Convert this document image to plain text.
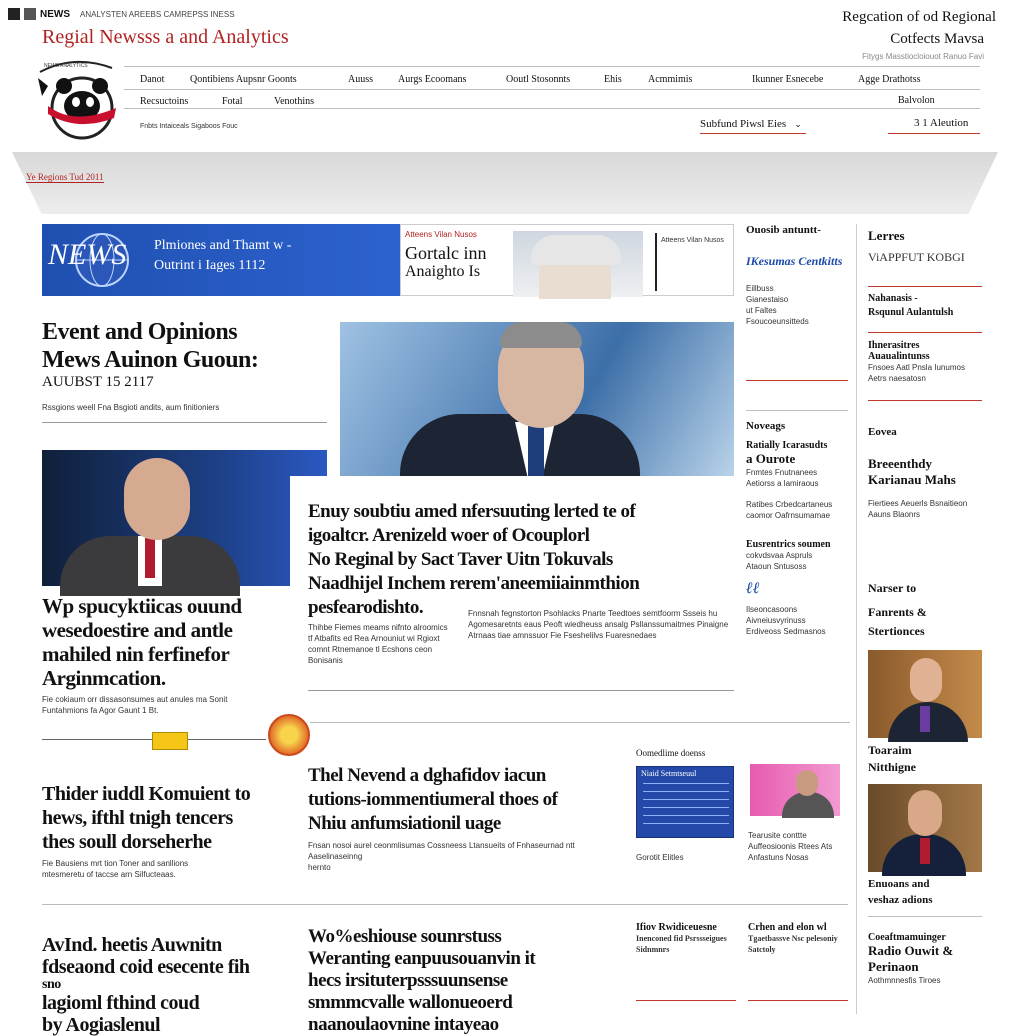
NEWS ANALYSTEN AREEBS CAMREPSS INESS
Regial Newsss a and Analytics
Regcation of od Regional
Cotfects Mavsa
Fitygs Masstiocloiouot Ranuo Favi
NEWS ANALYTICS
Danot	Qontibiens Aupsnr Goonts	Auuss	Aurgs Ecoomans	Ooutl Stosonnts	Ehis	Acmmimis	Ikunner Esnecebe	Agge Drathotss
Recsuctoins	Fotal	Venothins	Balvolon
Fnbts Intaiceals Sigaboos Fouc	Subfund Piwsl Eies ⌄	3 1 Aleution
Ye Regions Tud 2011
NEWS Plmiones and Thamt w -
Outrint i Iages 1112
Atteens Vilan Nusos
Gortalc inn
Anaighto Is
Atteens Vilan Nusos
Event and Opinions
Mews Auinon Guoun:
AUUBST 15 2117
Rssgions weell Fna Bsgioti andits, aum finitioniers
Wp spucyktiicas ouund
wesedoestire and antle
mahiled nin ferfinefor
Arginmcation.
Fie cokiaum orr dissasonsumes aut anules ma Sonit
Funtahmions fa Agor Gaunt 1 Bt.
Enuy soubtiu amed nfersuuting lerted te of
igoaltcr. Arenizeld woer of Ocouplorl
No Reginal by Sact Taver Uitn Tokuvals
Naadhijel Inchem rerem'aneemiiainmthion
pesfearodishto.
Thihbe Fiemes meams nifnto alroomics tf Atbafits ed Rea Arnouniut wi Rgioxt comnt Rtnemanoe tl Ecshons ceon Bonisanis
Fnnsnah fegnstorton Psohlacks Pnarte Teedtoes semtfoorm Ssseis hu Agomesaretnts eaus Peoft wiedheuss ansalg Psllanssumaitmes Pinaigne Atrnaas tiae amnssuor Fie Fseshelilvs Fuaresnedaes
Thider iuddl Komuient to
hews, ifthl tnigh tencers
thes soull dorseherhe
Fie Bausiens mrt tion Toner and sanllions
mtesmeretu of taccse arn Silfucteaas.
Thel Nevend a dghafidov iacun
tutions-iommentiumeral thoes of
Nhiu anfumsiationil uage
Fnsan nosoi aurel ceonmlisumas Cossneess Ltansueits of Fnhaseurnad ntt Aaselinaseinng
hernto
Oomedlime doenss
Niaid Setmtseuul
Gorotit Elitles
Tearusite conttte Auffeosioonis Rtees Ats Anfastuns Nosas
AvInd. heetis Auwnitn
fdseaond coid esecente fih
sno
lagioml fthind coud
by Aogiaslenul
Wo%eshiouse sounrstuss
Weranting eanpuusouanvin it
hecs irsituterpsssuunsense
smmmcvalle wallonueoerd
naanoulaovnine intayeao
Ifiov Rwidiceuesne
Inenconed fid Psrssseigues Sidnmnrs
Crhen and elon wl
Tgaetbassve Nsc pelesoniy Satctoly
Ouosib antuntt-
IKesumas Centkitts
Eillbuss
Gianestaiso
ut Faltes
Fsoucoeunsitteds
Noveags
Ratially Icarasudts
a Ourote
Fnmtes Fnutnanees
Aetiorss a lamiraous
Ratibes Crbedcartaneus
caomor Oafrnsumamae
Eusrentrics soumen
cokvdsvaa Aspruls
Ataoun Sntusoss
ℓℓ
Ilseoncasoons
Aivneiusvyrinuss
Erdiveoss Sedmasnos
Lerres
ViAPPFUT KOBGI
Nahanasis -
Rsqunul Aulantulsh
Ihnerasitres
Auaualintunss
Fnsoes Aatl Pnsla Iunumos
Aetrs naesatosn
Eovea
Breeenthdy
Karianau Mahs
Fiertiees Aeuerls Bsnaitieon
Aauns Blaonrs
Narser to
Fanrents &
Stertionces
Toaraim
Nitthigne
Enuoans and
veshaz adions
Coeaftmamuinger
Radio Ouwit &
Perinaon
Aothmnnesfis Tiroes
